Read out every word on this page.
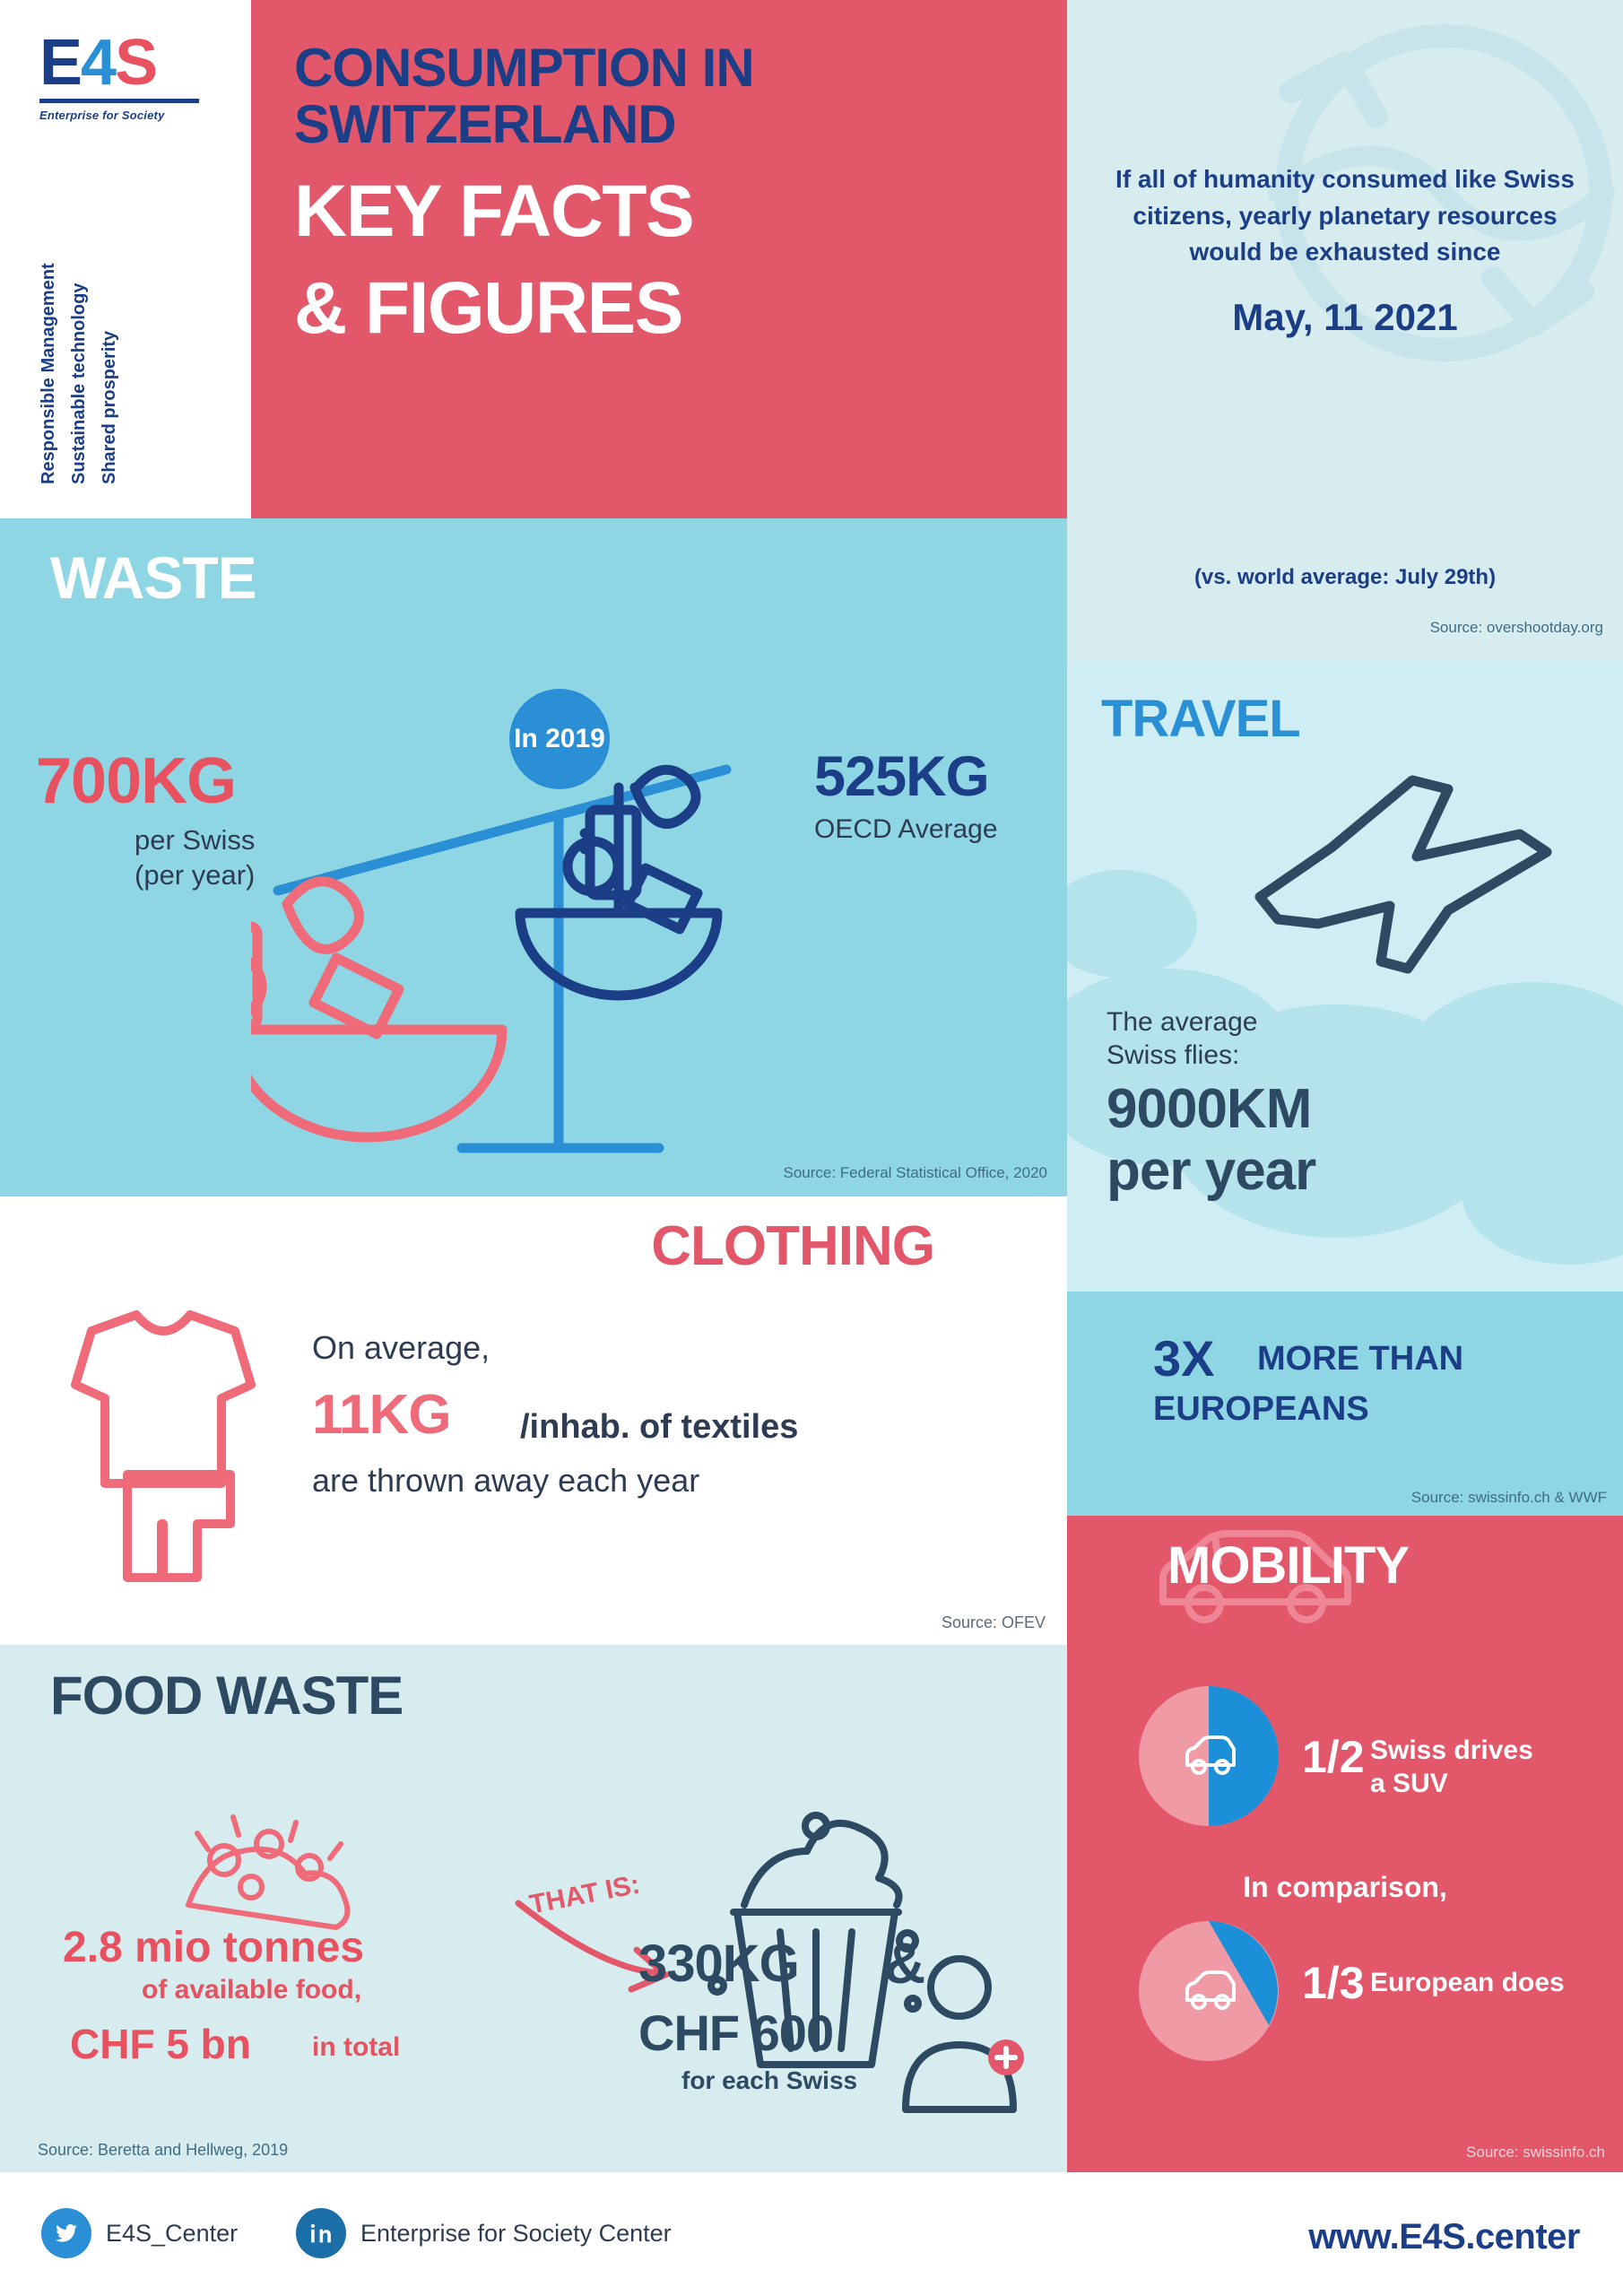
E4S
Enterprise for Society
Responsible Management Sustainable technology Shared prosperity
CONSUMPTION IN
SWITZERLAND
KEY FACTS
& FIGURES
If all of humanity consumed like Swiss citizens, yearly planetary resources would be exhausted since
May, 11 2021
(vs. world average: July 29th)
Source: overshootday.org
WASTE
In 2019
700KG
per Swiss
(per year)
525KG
OECD Average
Source: Federal Statistical Office, 2020
TRAVEL
The average
Swiss flies:
9000KM
per year
3X MORE THAN
EUROPEANS
Source: swissinfo.ch & WWF
CLOTHING
On average,
11KG /inhab. of textiles
are thrown away each year
Source: OFEV
FOOD WASTE
THAT IS:
2.8 mio tonnes
of available food,
CHF 5 bn in total
330KG &
CHF 600
for each Swiss
Source: Beretta and Hellweg, 2019
MOBILITY
1/2 Swiss drives
a SUV
In comparison,
1/3 European does
Source: swissinfo.ch
E4S_Center	Enterprise for Society Center	www.E4S.center
